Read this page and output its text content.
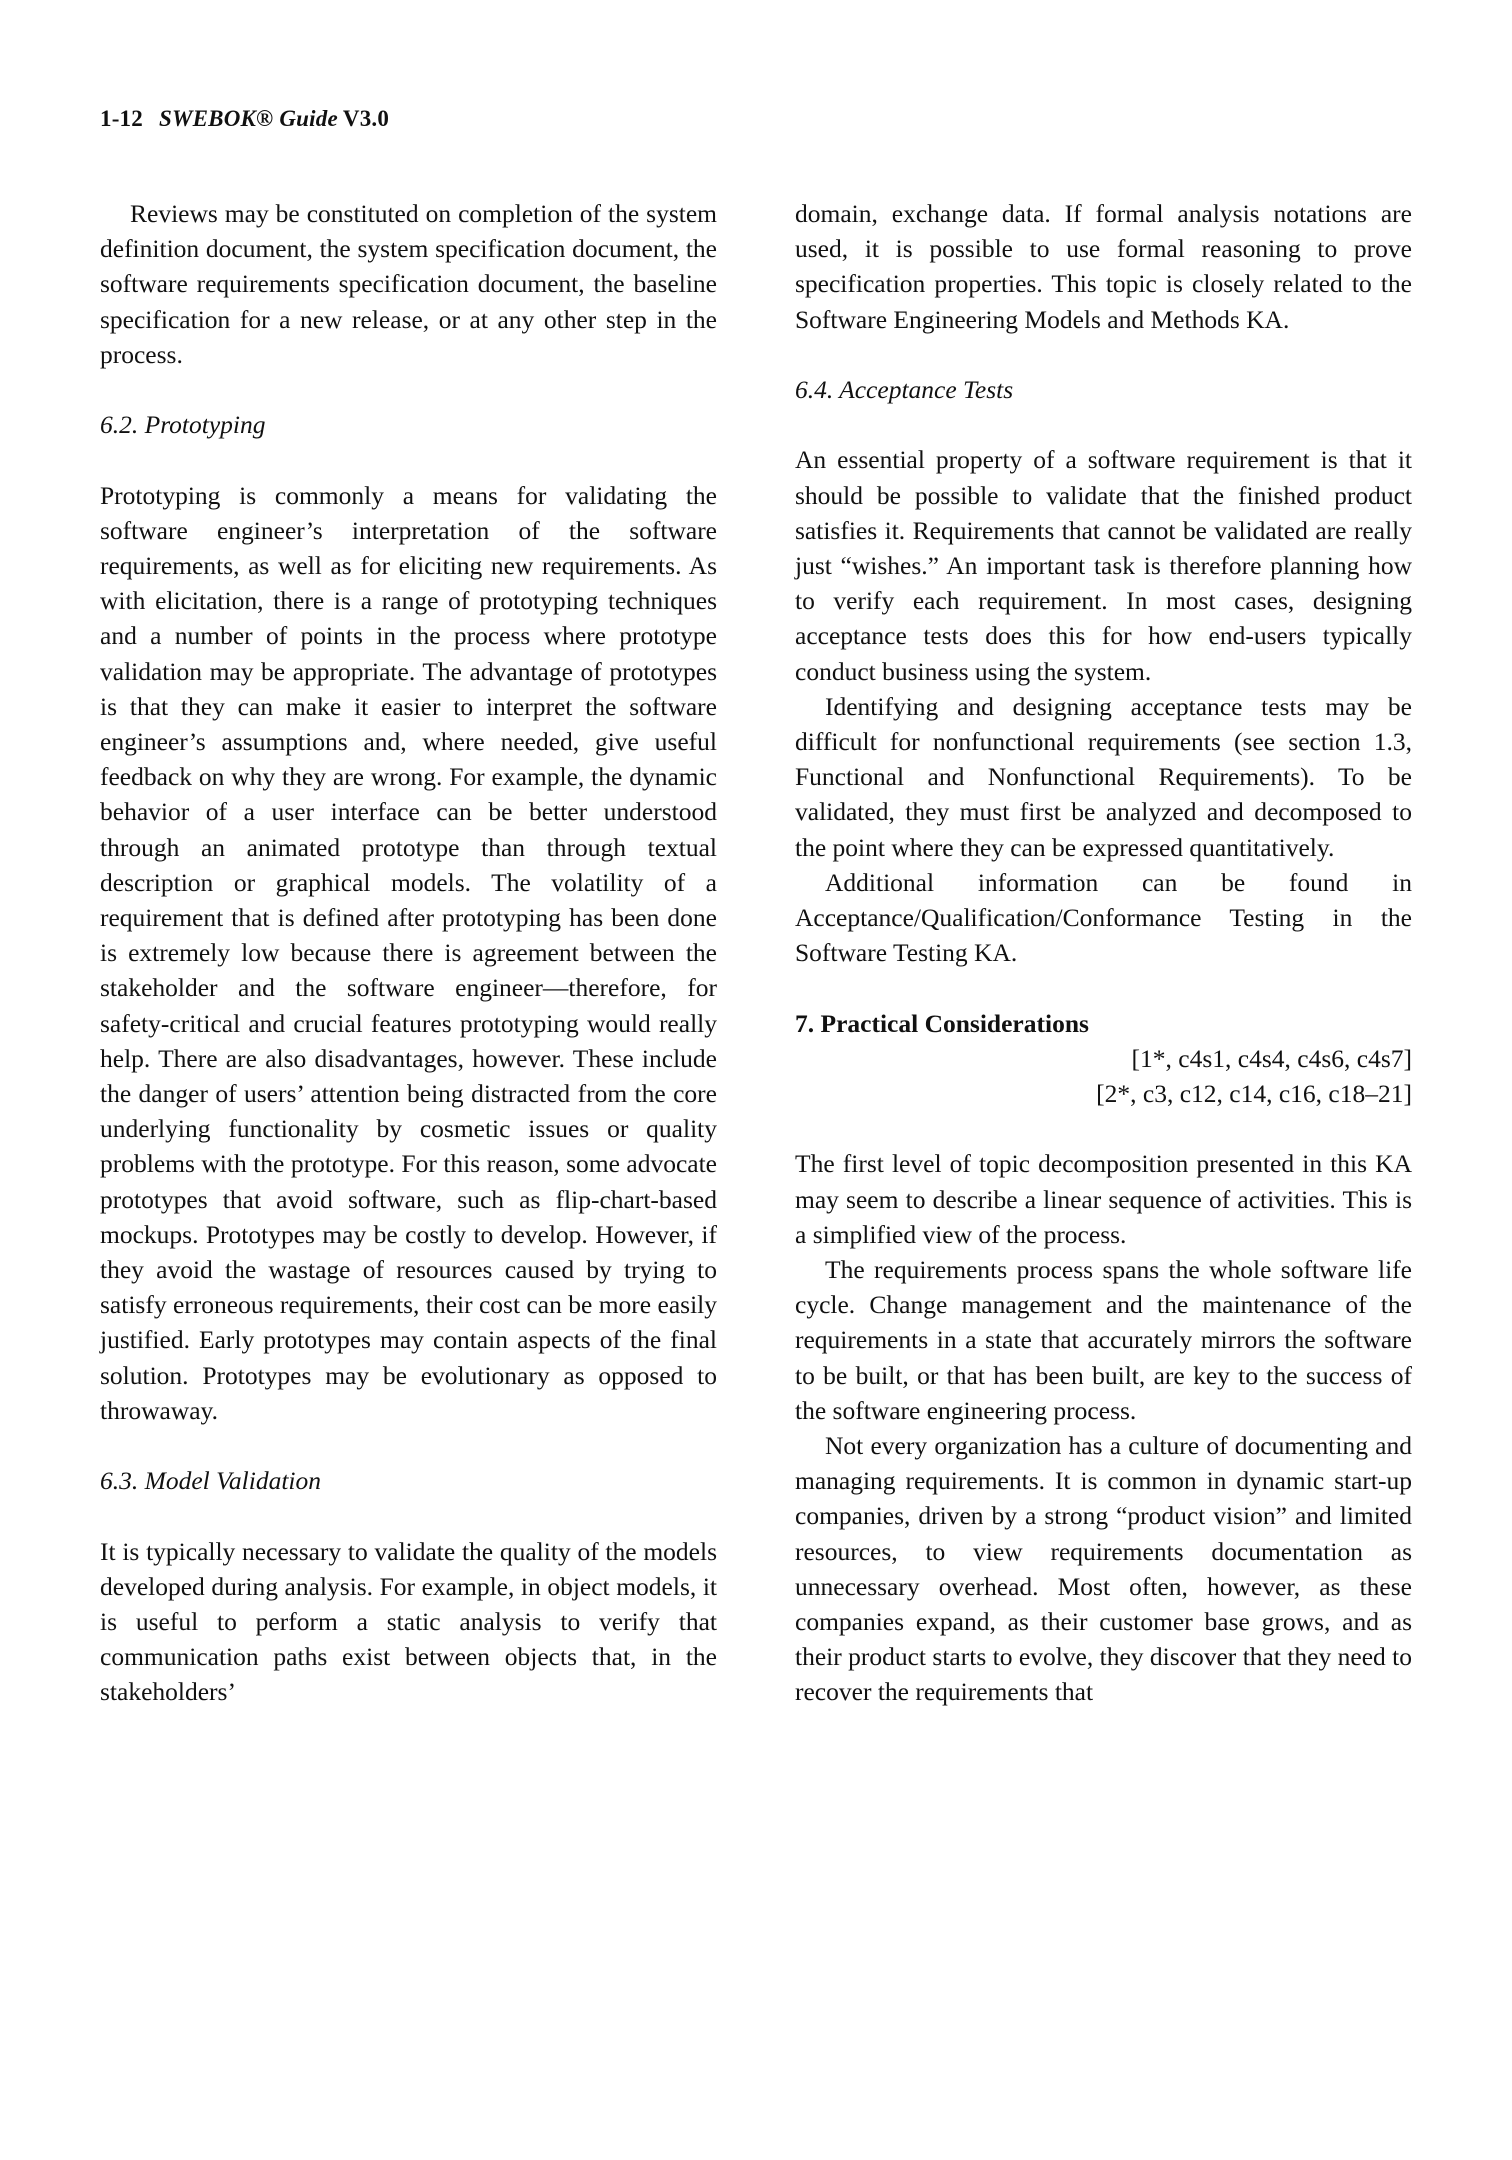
1-12 SWEBOK® Guide V3.0

Reviews may be constituted on completion of the system definition document, the system specification document, the software requirements specification document, the baseline specification for a new release, or at any other step in the process.

6.2. Prototyping

Prototyping is commonly a means for validating the software engineer’s interpretation of the software requirements, as well as for eliciting new requirements. As with elicitation, there is a range of prototyping techniques and a number of points in the process where prototype validation may be appropriate. The advantage of prototypes is that they can make it easier to interpret the software engineer’s assumptions and, where needed, give useful feedback on why they are wrong. For example, the dynamic behavior of a user interface can be better understood through an animated prototype than through textual description or graphical models. The volatility of a requirement that is defined after prototyping has been done is extremely low because there is agreement between the stakeholder and the software engineer—therefore, for safety-critical and crucial features prototyping would really help. There are also disadvantages, however. These include the danger of users’ attention being distracted from the core underlying functionality by cosmetic issues or quality problems with the prototype. For this reason, some advocate prototypes that avoid software, such as flip-chart-based mockups. Prototypes may be costly to develop. However, if they avoid the wastage of resources caused by trying to satisfy erroneous requirements, their cost can be more easily justified. Early prototypes may contain aspects of the final solution. Prototypes may be evolutionary as opposed to throwaway.

6.3. Model Validation

It is typically necessary to validate the quality of the models developed during analysis. For example, in object models, it is useful to perform a static analysis to verify that communication paths exist between objects that, in the stakeholders’

domain, exchange data. If formal analysis notations are used, it is possible to use formal reasoning to prove specification properties. This topic is closely related to the Software Engineering Models and Methods KA.

6.4. Acceptance Tests

An essential property of a software requirement is that it should be possible to validate that the finished product satisfies it. Requirements that cannot be validated are really just “wishes.” An important task is therefore planning how to verify each requirement. In most cases, designing acceptance tests does this for how end-users typically conduct business using the system.

Identifying and designing acceptance tests may be difficult for nonfunctional requirements (see section 1.3, Functional and Nonfunctional Requirements). To be validated, they must first be analyzed and decomposed to the point where they can be expressed quantitatively.

Additional information can be found in Acceptance/Qualification/Conformance Testing in the Software Testing KA.

7. Practical Considerations

[1*, c4s1, c4s4, c4s6, c4s7]

[2*, c3, c12, c14, c16, c18–21]

The first level of topic decomposition presented in this KA may seem to describe a linear sequence of activities. This is a simplified view of the process.

The requirements process spans the whole software life cycle. Change management and the maintenance of the requirements in a state that accurately mirrors the software to be built, or that has been built, are key to the success of the software engineering process.

Not every organization has a culture of documenting and managing requirements. It is common in dynamic start-up companies, driven by a strong “product vision” and limited resources, to view requirements documentation as unnecessary overhead. Most often, however, as these companies expand, as their customer base grows, and as their product starts to evolve, they discover that they need to recover the requirements that
